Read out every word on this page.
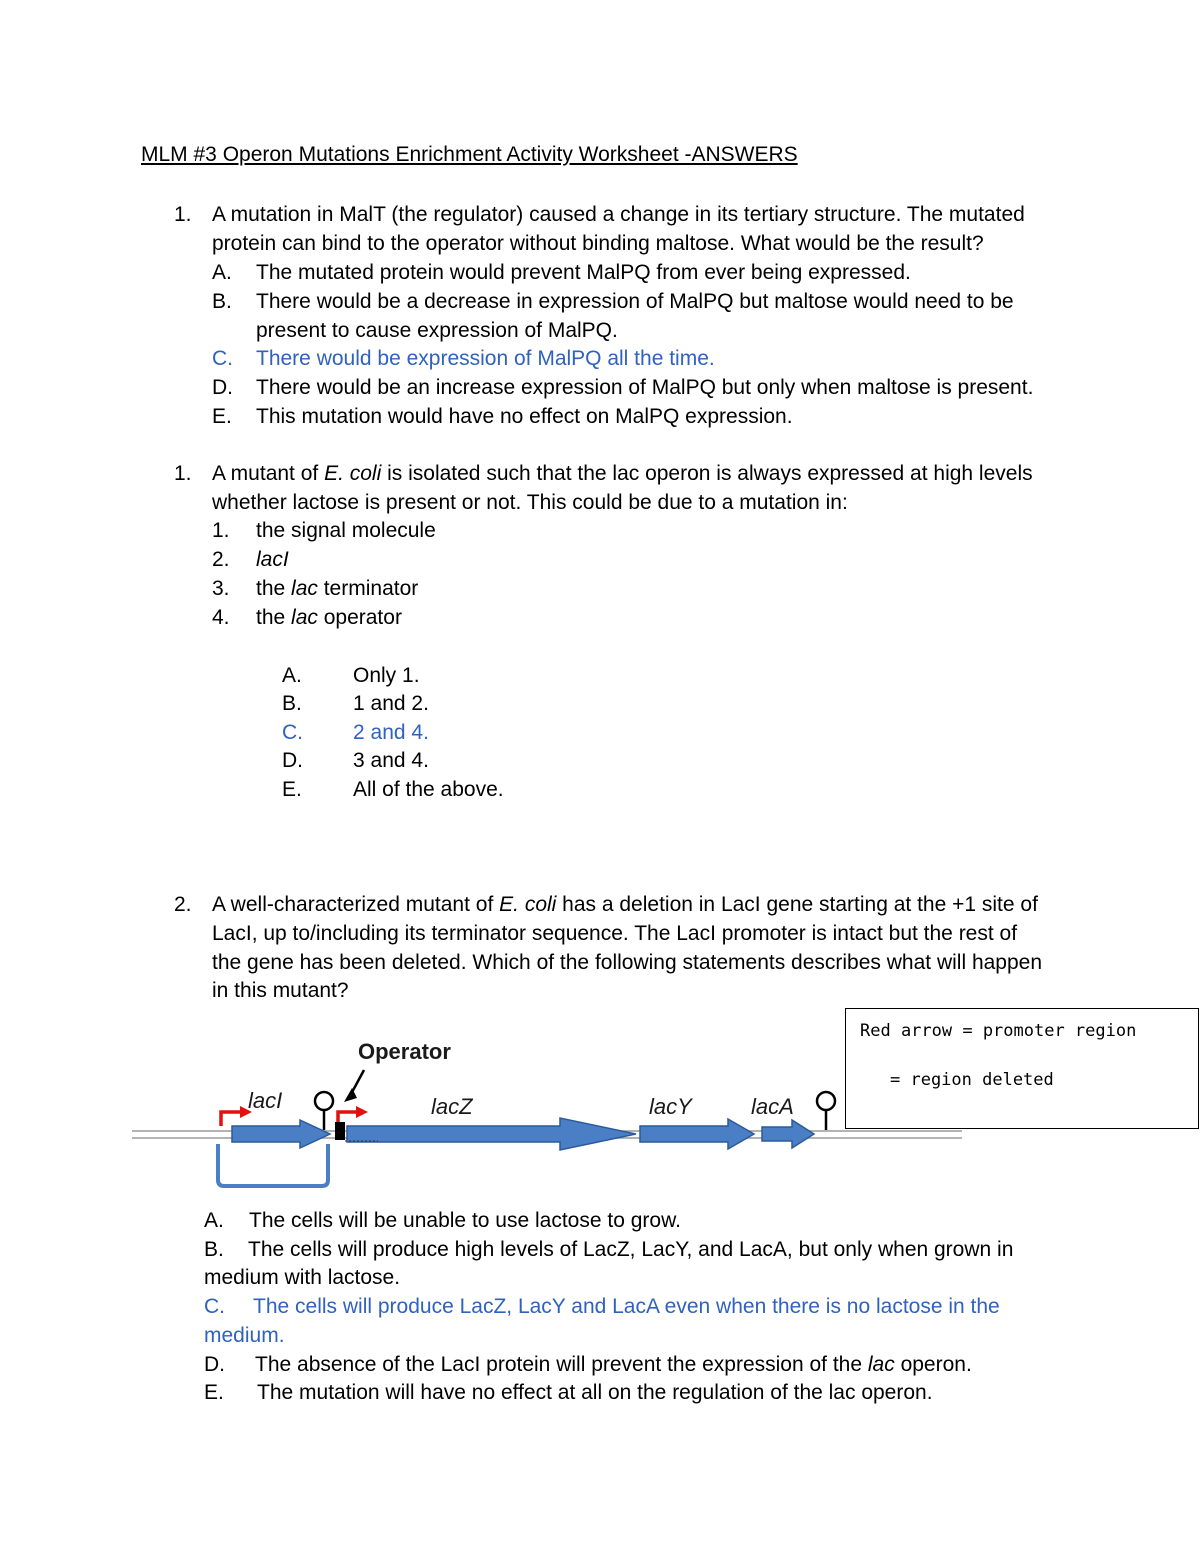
MLM #3 Operon Mutations Enrichment Activity Worksheet -ANSWERS
1. A mutation in MalT (the regulator) caused a change in its tertiary structure. The mutated
protein can bind to the operator without binding maltose. What would be the result?
A. The mutated protein would prevent MalPQ from ever being expressed.
B. There would be a decrease in expression of MalPQ but maltose would need to be
present to cause expression of MalPQ.
C. There would be expression of MalPQ all the time.
D. There would be an increase expression of MalPQ but only when maltose is present.
E. This mutation would have no effect on MalPQ expression.
1. A mutant of E. coli is isolated such that the lac operon is always expressed at high levels
whether lactose is present or not. This could be due to a mutation in:
1. the signal molecule
2. lacI
3. the lac terminator
4. the lac operator
A. Only 1.
B. 1 and 2.
C. 2 and 4.
D. 3 and 4.
E. All of the above.
2. A well-characterized mutant of E. coli has a deletion in LacI gene starting at the +1 site of
LacI, up to/including its terminator sequence. The LacI promoter is intact but the rest of
the gene has been deleted. Which of the following statements describes what will happen
in this mutant?
Red arrow = promoter region
= region deleted
Operator
lacI	lacZ	lacY	lacA
A. The cells will be unable to use lactose to grow.
B. The cells will produce high levels of LacZ, LacY, and LacA, but only when grown in
medium with lactose.
C. The cells will produce LacZ, LacY and LacA even when there is no lactose in the
medium.
D. The absence of the LacI protein will prevent the expression of the lac operon.
E. The mutation will have no effect at all on the regulation of the lac operon.
